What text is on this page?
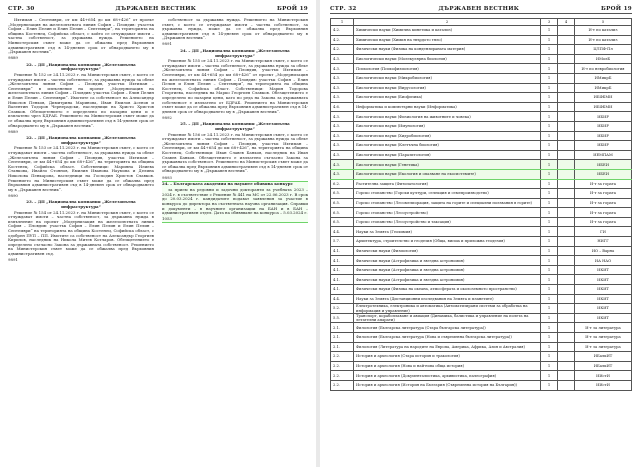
СТР. 30	ДЪРЖАВЕН ВЕСТНИК	БРОЙ 19

Ихтиман – Септември, от км 44+654 до км 68+426“ от проект „Модернизация на железопътната линия София – Пловдив: участък София – Елин Пелин и Елин Пелин – Септември“, на територията на община Костенец, Софийска област, с който се отчуждават имоти – частна собственост, за държавна нужда. Решението на Министерския съвет може да се обжалва пред Върховния административен съд в 14-дневен срок от обнародването му в „Държавен вестник“.

9889

22. – ДП „Национална компания „Железопътна инфраструктура“

Решение № 152 от 24.11.2023 г. на Министерския съвет, с което се отчуждават имоти – частна собственост, за държавна нужда за обект „Железопътна линия София – Пловдив, участък Ихтиман – Септември“ в изпълнение на проект „Модернизация на железопътната линия София – Пловдив: участък София – Елин Пелин и Елин Пелин – Септември“. Имотите са собственост на Александър Николов Пенков, Димитрина Маринова, Иван Емилов Асенов и Валентин Тодоров Чернерадски, наследници на Христо Христов Славков. Обезщетението е определено по пазарни цени и е изплатено чрез БДРАБ. Решението на Министерския съвет може да се обжалва пред Върховния административен съд в 14-дневен срок от обнародването му в „Държавен вестник“.

9889

22. – ДП „Национална компания „Железопътна инфраструктура“

Решение № 153 от 24.11.2023 г. на Министерския съвет, с което се отчуждават имоти – частна собственост, за държавна нужда за обект „Железопътна линия София – Пловдив, участък Ихтиман – Септември, от км 44+654 до км 68+426“, на територията на община Костенец, Софийска област. Собственици: Марияна Илиева Станкова, Ивайло Стоянов, Емилия Иванова Наумова и Делина Николова Пенкарова, наследници на Господин Христов Славков. Решението на Министерския съвет може да се обжалва пред Върховния административен съд в 14-дневен срок от обнародването му в „Държавен вестник“.

9890

23. – ДП „Национална компания „Железопътна инфраструктура“

Решение № 154 от 24.11.2023 г. на Министерския съвет, с което се отчуждават имоти – частна собственост, за държавна нужда в изпълнение на проект „Модернизация на железопътната линия София – Пловдив: участък София – Елин Пелин и Елин Пелин – Септември“ на територията на община Костенец, Софийска област, с одобрен ПУП – ПП. Имотите са собственост на Александър Георгиев Кирилов, наследник на Никола Митев Котларов. Обезщетението е определено съгласно Закона за държавната собственост. Решението на Министерския съвет може да се обжалва пред Върховния административен съд.

9891

собственост за държавна нужда. Решението на Министерския съвет, с което се отчуждават имоти – частна собственост, за държавна нужда, може да се обжалва пред Върховния административен съд в 14-дневен срок от обнародването му в „Държавен вестник“.

9891

24. – ДП „Национална компания „Железопътна инфраструктура“

Решение № 155 от 24.11.2023 г. на Министерския съвет, с което се отчуждават имоти – частна собственост, за държавна нужда за обект „Железопътна линия София – Пловдив, участък Ихтиман – Септември, от км 44+654 до км 68+426“ от проект „Модернизация на железопътната линия София – Пловдив: участък София – Елин Пелин и Елин Пелин – Септември“, на територията на община Костенец, Софийска област. Собственици: Мария Тодорова Георгиева, наследник на Марко Георгиев Славков. Обезщетението е определено по пазарни цени, като по реда на Закона за държавната собственост е изплатено от БДРАБ. Решението на Министерския съвет може да се обжалва пред Върховния административен съд в 14-дневен срок от обнародването му в „Държавен вестник“.

9892

25. – ДП „Национална компания „Железопътна инфраструктура“

Решение № 156 от 24.11.2023 г. на Министерския съвет, с което се отчуждават имоти – частна собственост, за държавна нужда за обект „Железопътна линия София – Пловдив, участък Ихтиман – Септември, от км 44+654 до км 68+426“, на територията на община Костенец. Собственици: Иван Славев Банков, наследник на Иван Славев Банков. Обезщетението е изплатено съгласно Закона за държавната собственост. Решението на Министерския съвет може да се обжалва пред Върховния административен съд в 14-дневен срок от обнародването му в „Държавен вестник“.

9893

24. – Българската академия на науките обявява конкурс

за прием на редовни и задочни докторанти за учебната 2023 – 2024 г. в съответствие с Решение № 441 на МС от 22.06.2023 г. В срок до 20.03.2024 г. кандидатите подават заявления за участие в конкурса до директора на съответната научна организация. Справки и документи – в научните организации на БАН и в БАН – административен отдел. Дата на обявяване на конкурса – 5.03.2024 г.

1053

СТР. 32	ДЪРЖАВЕН ВЕСТНИК	БРОЙ 19
1	2	3	4	5
4.2.	Химически науки (Химична кинетика и катализ)	1		И-т по катализ
4.2.	Химически науки (Химия на твърдото тяло)	1		И-т по катализ
4.2.	Физически науки (Физика на кондензираната материя)	1		ЦЛПФ-Пл
4.3.	Биологически науки (Молекулярна биология)	1		ИМолБ
4.3.	Психология (Психофизиология)	1		И-т по невробиология
4.3.	Биологически науки (Микробиология)	1		ИМикрБ
4.3.	Биологически науки (Вирусология)	1		ИМикрБ
4.3.	Биологически науки (Биофизика)	1		ИБФБМИ
4.6.	Информатика и компютърни науки (Информатика)	1		ИБФБМИ
4.3.	Биологически науки (Физиология на животните и човека)	1		ИБИР
4.3.	Биологически науки (Имунология)	1		ИБИР
4.3.	Биологически науки (Хидробиология)	1		ИБИР
4.3.	Биологически науки (Клетъчна биология)	1		ИБИР
4.3.	Биологически науки (Паразитология)	1		ИЕМПАМ
4.3.	Биологически науки (Генетика)	1		ИБЕИ
4.3.	Биологически науки (Екология и опазване на екосистемите)	1		ИБЕИ
6.2.	Растителна защита (Фитопатология)	1		И-т за гората
6.5.	Горско стопанство (Горски култури, селекция и семепроизводство)	1		И-т за гората
6.5.	Горско стопанство (Лесомелиорация, защита на горите и специални ползвания в горите)	1		И-т за гората
6.5.	Горско стопанство (Лесоустройство)	1		И-т за гората
6.5.	Горско стопанство (Лесоустройство и таксация)	1		И-т за гората
4.4.	Науки за Земята (Геохимия)	1		ГИ
5.7.	Архитектура, строителство и геодезия (Обща, висша и приложна геодезия)	1		НИГГ
4.1.	Физически науки (Физиология)	1		ИО – Варна
4.1.	Физически науки (Астрофизика и звездна астрономия)	1		ИА НАО
4.1.	Физически науки (Астрофизика и звездна астрономия)	1		ИКИТ
4.1.	Физически науки (Астрофизика и звездна астрономия)	1		ИКИТ
4.1.	Физически науки (Физика на океана, атмосферата и околоземното пространство)	1		ИКИТ
4.4.	Науки за Земята (Дистанционни изследвания на Земята и планетите)	1		ИКИТ
5.2.	Електротехника, електроника и автоматика (Автоматизирани системи за обработка на информация и управление)	1		ИКИТ
5.5.	Транспорт, корабоплаване и авиация (Динамика, балистика и управление на полета на летателни апарати)	1		ИКИТ
2.1.	Филология (Българска литература (Стара българска литература))	1		И-т за литература
2.1.	Филология (Българска литература (Нова и съвременна българска литература))	1		И-т за литература
2.1.	Филология (Литература на народите на Европа, Америка, Африка, Азия и Австралия)	1		И-т за литература
2.2.	История и археология (Стара история и тракология)	1		ИБалкИТ
2.2.	История и археология (Нова и най-нова обща история)	1		ИБалкИТ
2.2.	История и археология (Документалистика, архивистика, палеография)	1		ИИстИ
2.2.	История и археология (История на България (Съвременна история на България))	1		ИИстИ
